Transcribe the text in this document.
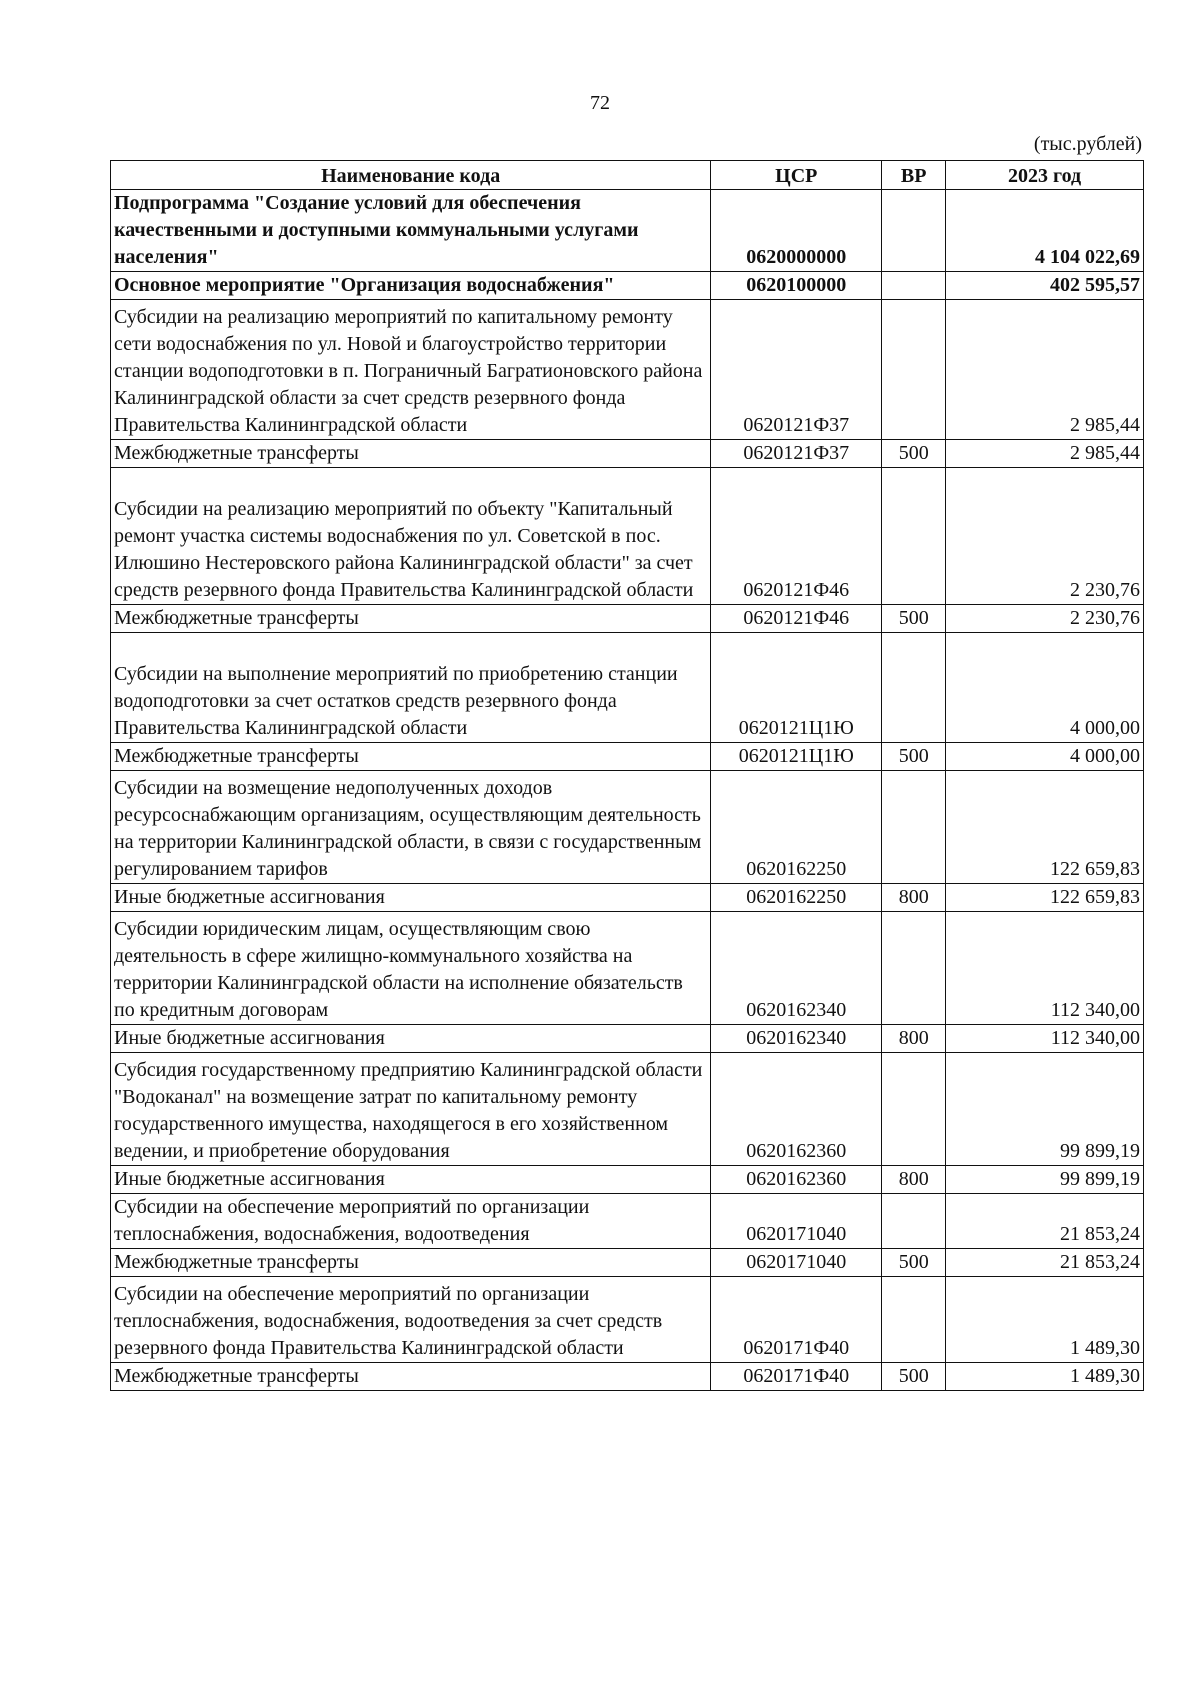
72
(тыс.рублей)
Наименование кода	ЦСР	ВР	2023 год
Подпрограмма "Создание условий для обеспечения качественными и доступными коммунальными услугами населения"	0620000000		4 104 022,69
Основное мероприятие "Организация водоснабжения"	0620100000		402 595,57
Субсидии на реализацию мероприятий по капитальному ремонту сети водоснабжения по ул. Новой и благоустройство территории станции водоподготовки в п. Пограничный Багратионовского района Калининградской области за счет средств резервного фонда Правительства Калининградской области	0620121Ф37		2 985,44
Межбюджетные трансферты	0620121Ф37	500	2 985,44
Субсидии на реализацию мероприятий по объекту "Капитальный ремонт участка системы водоснабжения по ул. Советской в пос. Илюшино Нестеровского района Калининградской области" за счет средств резервного фонда Правительства Калининградской области	0620121Ф46		2 230,76
Межбюджетные трансферты	0620121Ф46	500	2 230,76
Субсидии на выполнение мероприятий по приобретению станции водоподготовки за счет остатков средств резервного фонда Правительства Калининградской области	0620121Ц1Ю		4 000,00
Межбюджетные трансферты	0620121Ц1Ю	500	4 000,00
Субсидии на возмещение недополученных доходов ресурсоснабжающим организациям, осуществляющим деятельность на территории Калининградской области, в связи с государственным регулированием тарифов	0620162250		122 659,83
Иные бюджетные ассигнования	0620162250	800	122 659,83
Субсидии юридическим лицам, осуществляющим свою деятельность в сфере жилищно-коммунального хозяйства на территории Калининградской области на исполнение обязательств по кредитным договорам	0620162340		112 340,00
Иные бюджетные ассигнования	0620162340	800	112 340,00
Субсидия государственному предприятию Калининградской области "Водоканал" на возмещение затрат по капитальному ремонту государственного имущества, находящегося в его хозяйственном ведении, и приобретение оборудования	0620162360		99 899,19
Иные бюджетные ассигнования	0620162360	800	99 899,19
Субсидии на обеспечение мероприятий по организации теплоснабжения, водоснабжения, водоотведения	0620171040		21 853,24
Межбюджетные трансферты	0620171040	500	21 853,24
Субсидии на обеспечение мероприятий по организации теплоснабжения, водоснабжения, водоотведения за счет средств резервного фонда Правительства Калининградской области	0620171Ф40		1 489,30
Межбюджетные трансферты	0620171Ф40	500	1 489,30
